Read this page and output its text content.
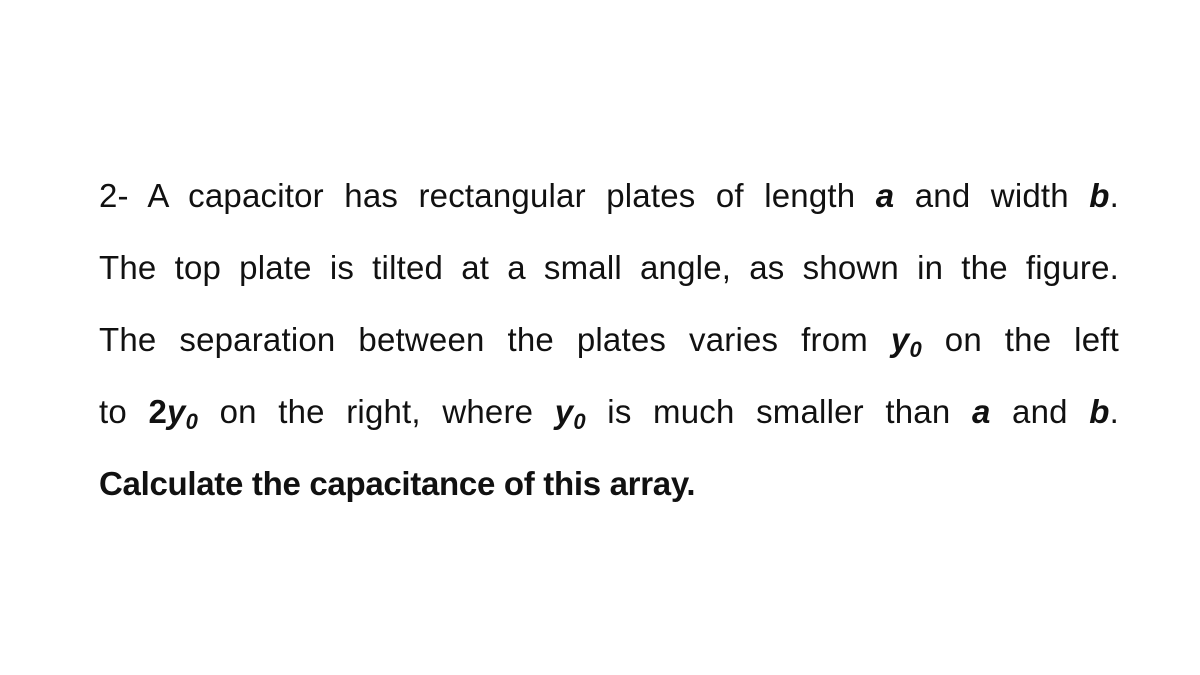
2- A capacitor has rectangular plates of length a and width b.
The top plate is tilted at a small angle, as shown in the figure.
The separation between the plates varies from $y_0$ on the left
to $2y_0$ on the right, where $y_0$ is much smaller than a and b.
Calculate the capacitance of this array.
